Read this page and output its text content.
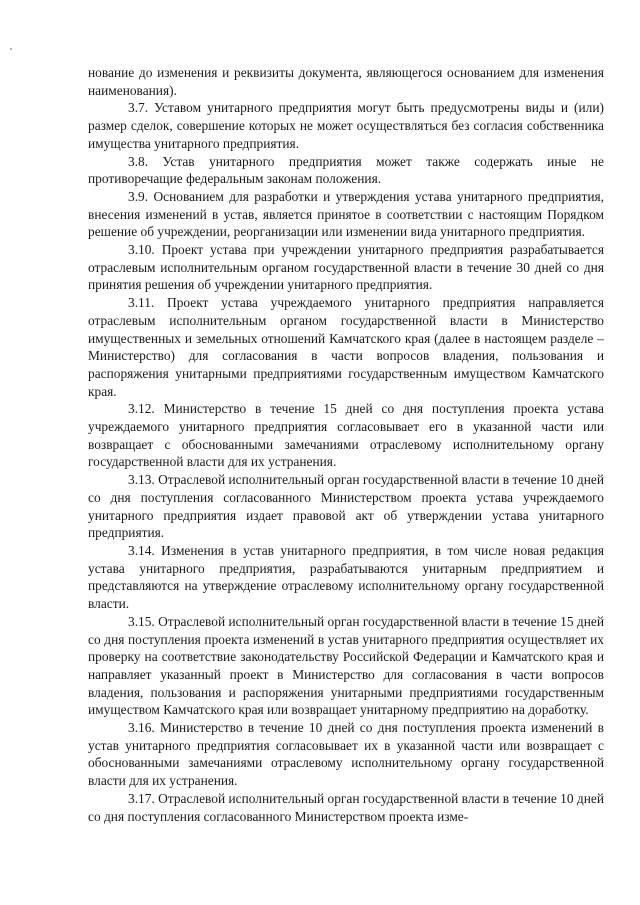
нование до изменения и реквизиты документа, являющегося основанием для изменения наименования).

3.7. Уставом унитарного предприятия могут быть предусмотрены виды и (или) размер сделок, совершение которых не может осуществляться без согласия собственника имущества унитарного предприятия.

3.8. Устав унитарного предприятия может также содержать иные не противоречащие федеральным законам положения.

3.9. Основанием для разработки и утверждения устава унитарного предприятия, внесения изменений в устав, является принятое в соответствии с настоящим Порядком решение об учреждении, реорганизации или изменении вида унитарного предприятия.

3.10. Проект устава при учреждении унитарного предприятия разрабатывается отраслевым исполнительным органом государственной власти в течение 30 дней со дня принятия решения об учреждении унитарного предприятия.

3.11. Проект устава учреждаемого унитарного предприятия направляется отраслевым исполнительным органом государственной власти в Министерство имущественных и земельных отношений Камчатского края (далее в настоящем разделе – Министерство) для согласования в части вопросов владения, пользования и распоряжения унитарными предприятиями государственным имуществом Камчатского края.

3.12. Министерство в течение 15 дней со дня поступления проекта устава учреждаемого унитарного предприятия согласовывает его в указанной части или возвращает с обоснованными замечаниями отраслевому исполнительному органу государственной власти для их устранения.

3.13. Отраслевой исполнительный орган государственной власти в течение 10 дней со дня поступления согласованного Министерством проекта устава учреждаемого унитарного предприятия издает правовой акт об утверждении устава унитарного предприятия.

3.14. Изменения в устав унитарного предприятия, в том числе новая редакция устава унитарного предприятия, разрабатываются унитарным предприятием и представляются на утверждение отраслевому исполнительному органу государственной власти.

3.15. Отраслевой исполнительный орган государственной власти в течение 15 дней со дня поступления проекта изменений в устав унитарного предприятия осуществляет их проверку на соответствие законодательству Российской Федерации и Камчатского края и направляет указанный проект в Министерство для согласования в части вопросов владения, пользования и распоряжения унитарными предприятиями государственным имуществом Камчатского края или возвращает унитарному предприятию на доработку.

3.16. Министерство в течение 10 дней со дня поступления проекта изменений в устав унитарного предприятия согласовывает их в указанной части или возвращает с обоснованными замечаниями отраслевому исполнительному органу государственной власти для их устранения.

3.17. Отраслевой исполнительный орган государственной власти в течение 10 дней со дня поступления согласованного Министерством проекта изме-
